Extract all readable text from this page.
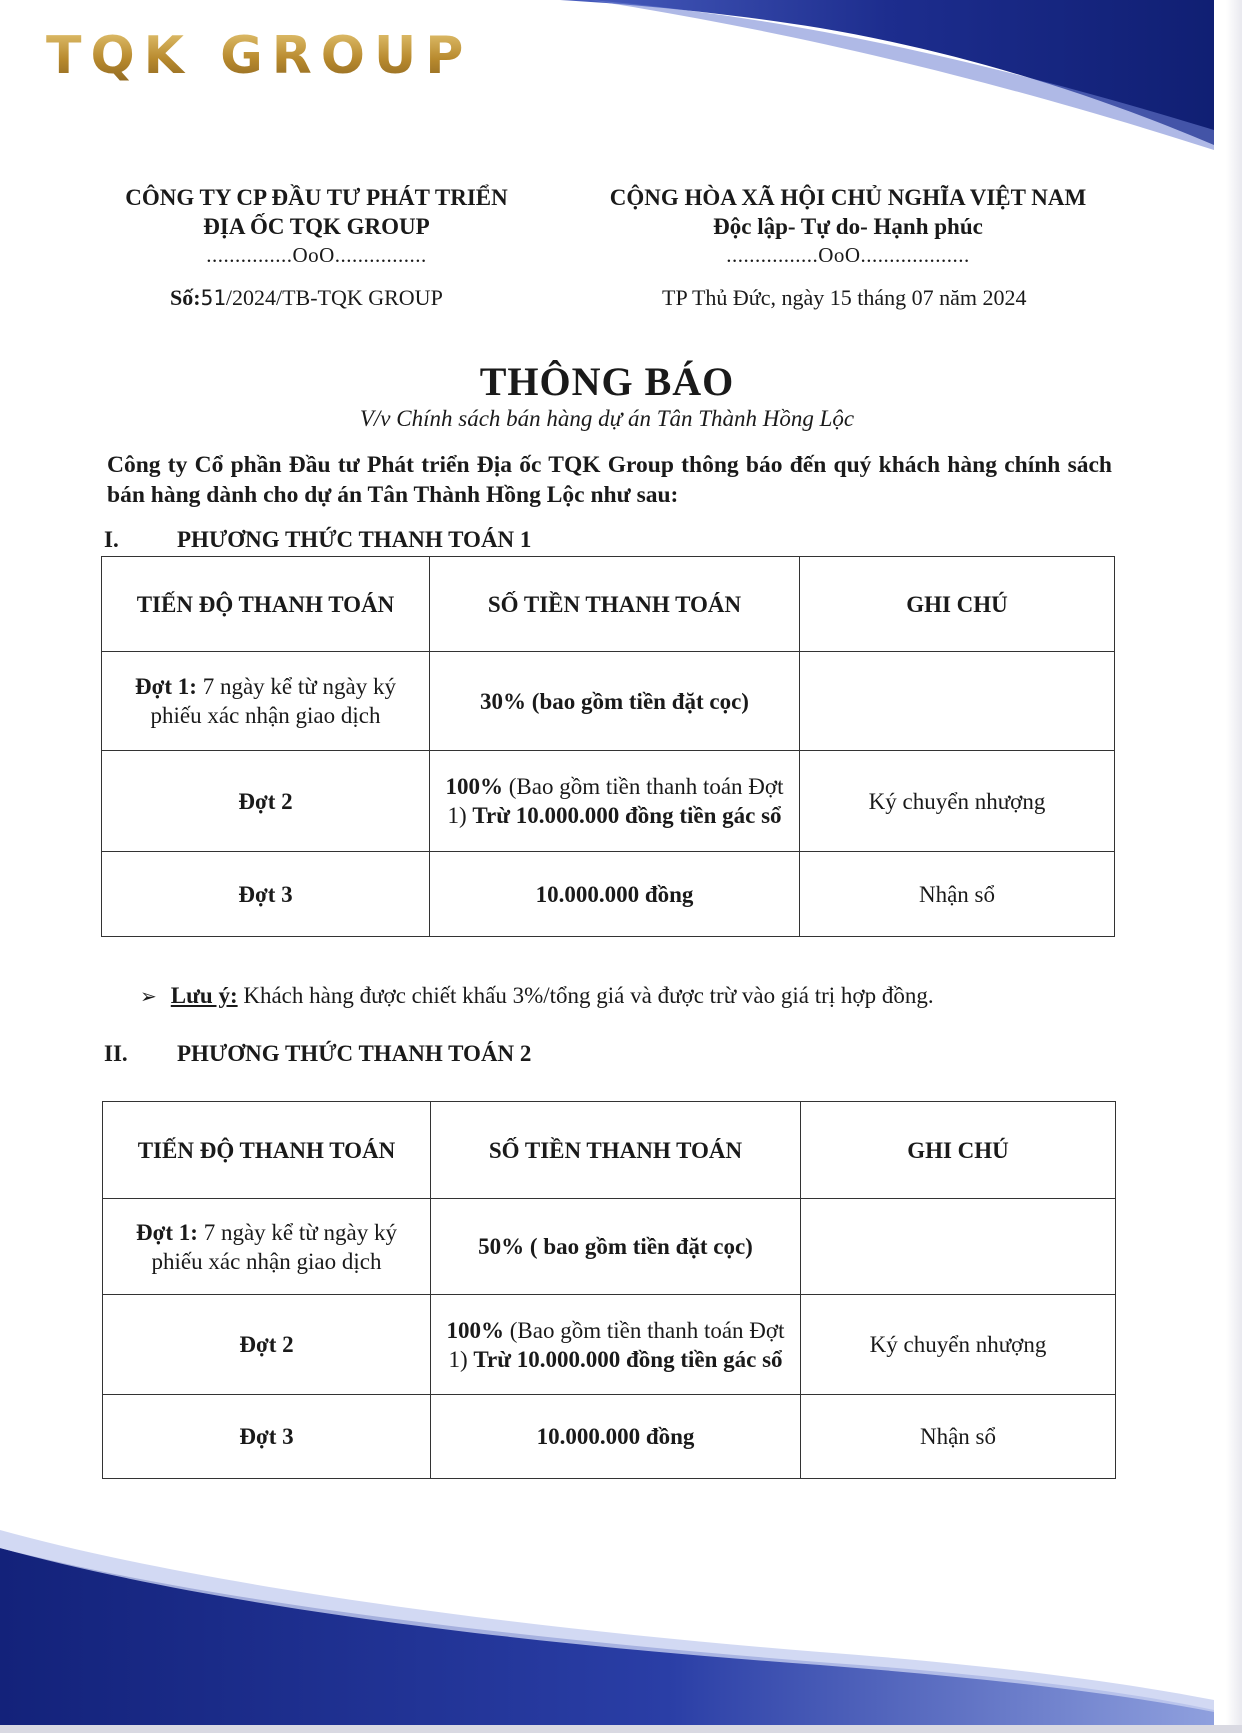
TQK GROUP
CÔNG TY CP ĐẦU TƯ PHÁT TRIỂN
ĐỊA ỐC TQK GROUP
...............OoO................
CỘNG HÒA XÃ HỘI CHỦ NGHĨA VIỆT NAM
Độc lập- Tự do- Hạnh phúc
................OoO...................
Số:51/2024/TB-TQK GROUP	TP Thủ Đức, ngày 15 tháng 07 năm 2024
THÔNG BÁO
V/v Chính sách bán hàng dự án Tân Thành Hồng Lộc
Công ty Cổ phần Đầu tư Phát triển Địa ốc TQK Group thông báo đến quý khách hàng chính sách bán hàng dành cho dự án Tân Thành Hồng Lộc như sau:
I.	PHƯƠNG THỨC THANH TOÁN 1
TIẾN ĐỘ THANH TOÁN	SỐ TIỀN THANH TOÁN	GHI CHÚ
Đợt 1: 7 ngày kể từ ngày ký phiếu xác nhận giao dịch	30% (bao gồm tiền đặt cọc)	
Đợt 2	100% (Bao gồm tiền thanh toán Đợt 1) Trừ 10.000.000 đồng tiền gác sổ	Ký chuyển nhượng
Đợt 3	10.000.000 đồng	Nhận sổ
➢ Lưu ý: Khách hàng được chiết khấu 3%/tổng giá và được trừ vào giá trị hợp đồng.
II. PHƯƠNG THỨC THANH TOÁN 2
TIẾN ĐỘ THANH TOÁN	SỐ TIỀN THANH TOÁN	GHI CHÚ
Đợt 1: 7 ngày kể từ ngày ký phiếu xác nhận giao dịch	50% ( bao gồm tiền đặt cọc)	
Đợt 2	100% (Bao gồm tiền thanh toán Đợt 1) Trừ 10.000.000 đồng tiền gác sổ	Ký chuyển nhượng
Đợt 3	10.000.000 đồng	Nhận sổ
